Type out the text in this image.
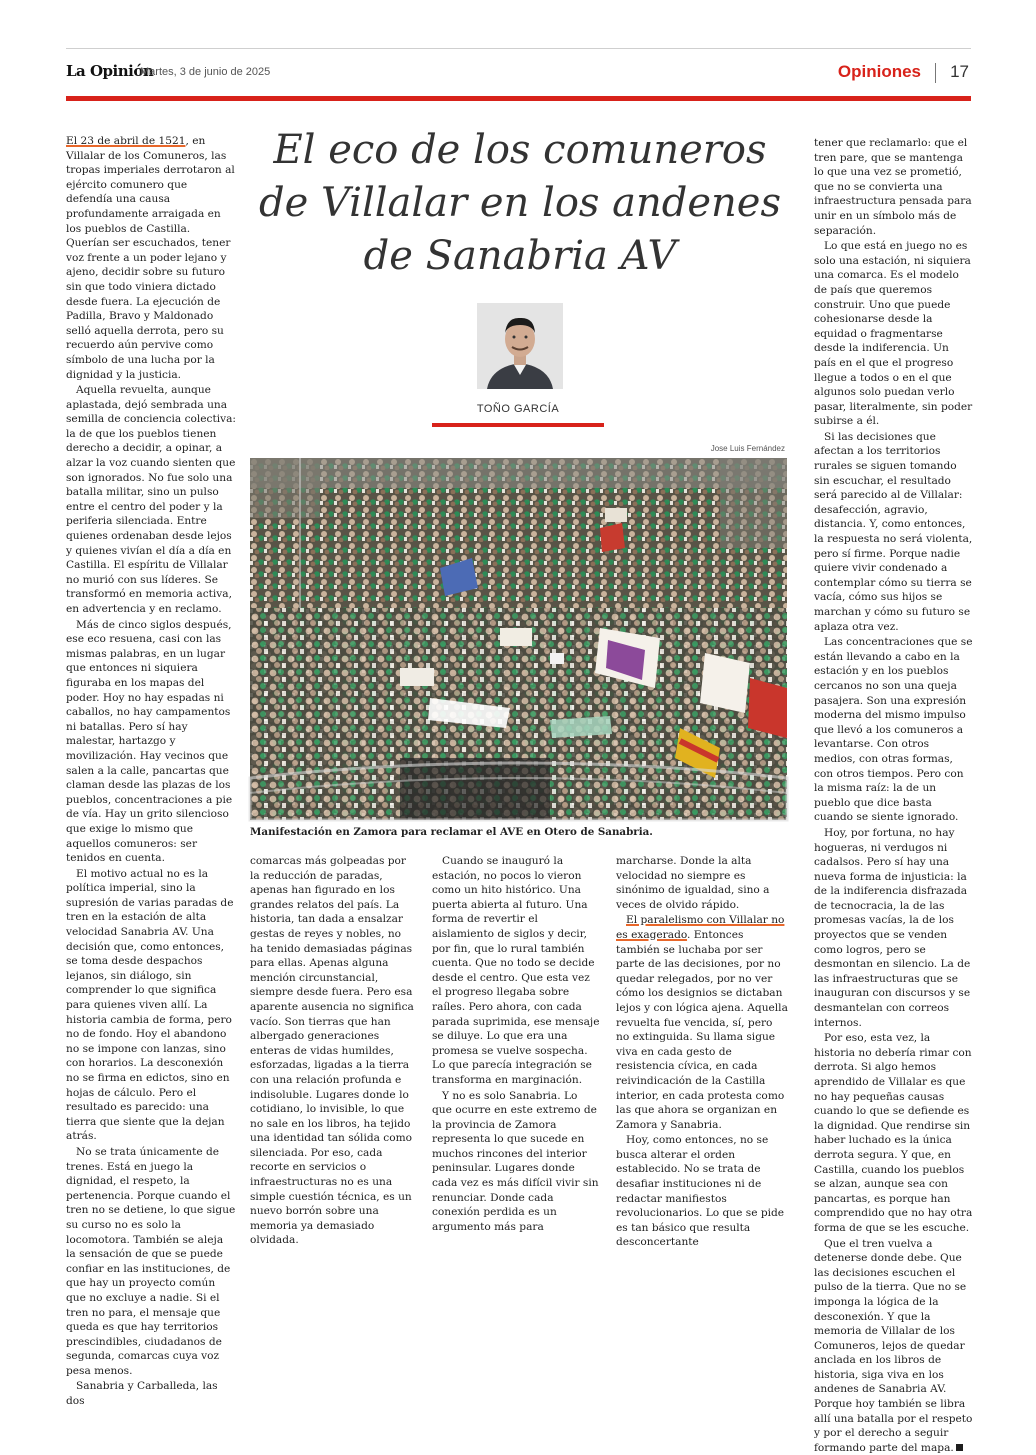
La Opinión
Martes, 3 de junio de 2025	Opiniones 17

El 23 de abril de 1521, en Villalar de los Comuneros, las tropas imperiales derrotaron al ejército comunero que defendía una causa profundamente arraigada en los pueblos de Castilla. Querían ser escuchados, tener voz frente a un poder lejano y ajeno, decidir sobre su futuro sin que todo viniera dictado desde fuera. La ejecución de Padilla, Bravo y Maldonado selló aquella derrota, pero su recuerdo aún pervive como símbolo de una lucha por la dignidad y la justicia.

Aquella revuelta, aunque aplastada, dejó sembrada una semilla de conciencia colectiva: la de que los pueblos tienen derecho a decidir, a opinar, a alzar la voz cuando sienten que son ignorados. No fue solo una batalla militar, sino un pulso entre el centro del poder y la periferia silenciada. Entre quienes ordenaban desde lejos y quienes vivían el día a día en Castilla. El espíritu de Villalar no murió con sus líderes. Se transformó en memoria activa, en advertencia y en reclamo.

Más de cinco siglos después, ese eco resuena, casi con las mismas palabras, en un lugar que entonces ni siquiera figuraba en los mapas del poder. Hoy no hay espadas ni caballos, no hay campamentos ni batallas. Pero sí hay malestar, hartazgo y movilización. Hay vecinos que salen a la calle, pancartas que claman desde las plazas de los pueblos, concentraciones a pie de vía. Hay un grito silencioso que exige lo mismo que aquellos comuneros: ser tenidos en cuenta.

El motivo actual no es la política imperial, sino la supresión de varias paradas de tren en la estación de alta velocidad Sanabria AV. Una decisión que, como entonces, se toma desde despachos lejanos, sin diálogo, sin comprender lo que significa para quienes viven allí. La historia cambia de forma, pero no de fondo. Hoy el abandono no se impone con lanzas, sino con horarios. La desconexión no se firma en edictos, sino en hojas de cálculo. Pero el resultado es parecido: una tierra que siente que la dejan atrás.

No se trata únicamente de trenes. Está en juego la dignidad, el respeto, la pertenencia. Porque cuando el tren no se detiene, lo que sigue su curso no es solo la locomotora. También se aleja la sensación de que se puede confiar en las instituciones, de que hay un proyecto común que no excluye a nadie. Si el tren no para, el mensaje que queda es que hay territorios prescindibles, ciudadanos de segunda, comarcas cuya voz pesa menos.

Sanabria y Carballeda, las dos

El eco de los comuneros de Villalar en los andenes de Sanabria AV
TOÑO GARCÍA
Jose Luis Fernández
Manifestación en Zamora para reclamar el AVE en Otero de Sanabria.

comarcas más golpeadas por la reducción de paradas, apenas han figurado en los grandes relatos del país. La historia, tan dada a ensalzar gestas de reyes y nobles, no ha tenido demasiadas páginas para ellas. Apenas alguna mención circunstancial, siempre desde fuera. Pero esa aparente ausencia no significa vacío. Son tierras que han albergado generaciones enteras de vidas humildes, esforzadas, ligadas a la tierra con una relación profunda e indisoluble. Lugares donde lo cotidiano, lo invisible, lo que no sale en los libros, ha tejido una identidad tan sólida como silenciada. Por eso, cada recorte en servicios o infraestructuras no es una simple cuestión técnica, es un nuevo borrón sobre una memoria ya demasiado olvidada.

Cuando se inauguró la estación, no pocos lo vieron como un hito histórico. Una puerta abierta al futuro. Una forma de revertir el aislamiento de siglos y decir, por fin, que lo rural también cuenta. Que no todo se decide desde el centro. Que esta vez el progreso llegaba sobre raíles. Pero ahora, con cada parada suprimida, ese mensaje se diluye. Lo que era una promesa se vuelve sospecha. Lo que parecía integración se transforma en marginación.

Y no es solo Sanabria. Lo que ocurre en este extremo de la provincia de Zamora representa lo que sucede en muchos rincones del interior peninsular. Lugares donde cada vez es más difícil vivir sin renunciar. Donde cada conexión perdida es un argumento más para

marcharse. Donde la alta velocidad no siempre es sinónimo de igualdad, sino a veces de olvido rápido.

El paralelismo con Villalar no es exagerado. Entonces también se luchaba por ser parte de las decisiones, por no quedar relegados, por no ver cómo los designios se dictaban lejos y con lógica ajena. Aquella revuelta fue vencida, sí, pero no extinguida. Su llama sigue viva en cada gesto de resistencia cívica, en cada reivindicación de la Castilla interior, en cada protesta como las que ahora se organizan en Zamora y Sanabria.

Hoy, como entonces, no se busca alterar el orden establecido. No se trata de desafiar instituciones ni de redactar manifiestos revolucionarios. Lo que se pide es tan básico que resulta desconcertante

tener que reclamarlo: que el tren pare, que se mantenga lo que una vez se prometió, que no se convierta una infraestructura pensada para unir en un símbolo más de separación.

Lo que está en juego no es solo una estación, ni siquiera una comarca. Es el modelo de país que queremos construir. Uno que puede cohesionarse desde la equidad o fragmentarse desde la indiferencia. Un país en el que el progreso llegue a todos o en el que algunos solo puedan verlo pasar, literalmente, sin poder subirse a él.

Si las decisiones que afectan a los territorios rurales se siguen tomando sin escuchar, el resultado será parecido al de Villalar: desafección, agravio, distancia. Y, como entonces, la respuesta no será violenta, pero sí firme. Porque nadie quiere vivir condenado a contemplar cómo su tierra se vacía, cómo sus hijos se marchan y cómo su futuro se aplaza otra vez.

Las concentraciones que se están llevando a cabo en la estación y en los pueblos cercanos no son una queja pasajera. Son una expresión moderna del mismo impulso que llevó a los comuneros a levantarse. Con otros medios, con otras formas, con otros tiempos. Pero con la misma raíz: la de un pueblo que dice basta cuando se siente ignorado.

Hoy, por fortuna, no hay hogueras, ni verdugos ni cadalsos. Pero sí hay una nueva forma de injusticia: la de la indiferencia disfrazada de tecnocracia, la de las promesas vacías, la de los proyectos que se venden como logros, pero se desmontan en silencio. La de las infraestructuras que se inauguran con discursos y se desmantelan con correos internos.

Por eso, esta vez, la historia no debería rimar con derrota. Si algo hemos aprendido de Villalar es que no hay pequeñas causas cuando lo que se defiende es la dignidad. Que rendirse sin haber luchado es la única derrota segura. Y que, en Castilla, cuando los pueblos se alzan, aunque sea con pancartas, es porque han comprendido que no hay otra forma de que se les escuche.

Que el tren vuelva a detenerse donde debe. Que las decisiones escuchen el pulso de la tierra. Que no se imponga la lógica de la desconexión. Y que la memoria de Villalar de los Comuneros, lejos de quedar anclada en los libros de historia, siga viva en los andenes de Sanabria AV. Porque hoy también se libra allí una batalla por el respeto y por el derecho a seguir formando parte del mapa.
